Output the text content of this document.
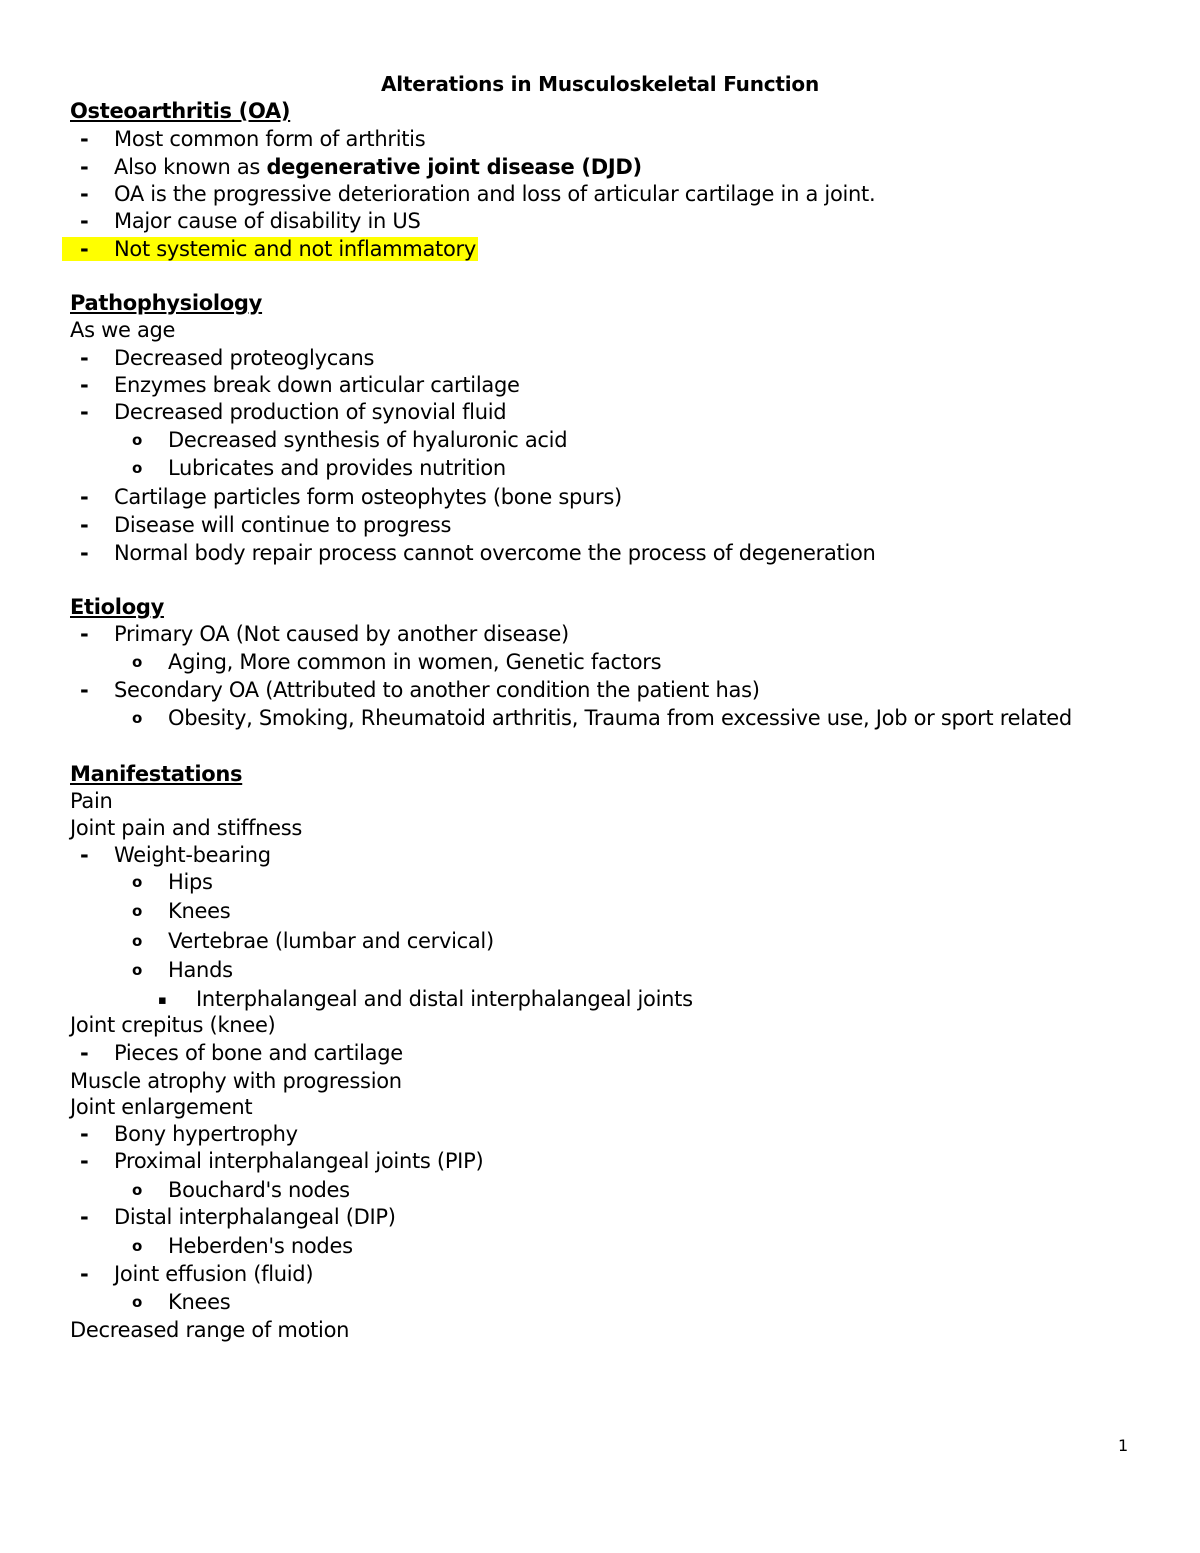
Alterations in Musculoskeletal Function
Osteoarthritis (OA)
- Most common form of arthritis
- Also known as degenerative joint disease (DJD)
- OA is the progressive deterioration and loss of articular cartilage in a joint.
- Major cause of disability in US
- Not systemic and not inflammatory
Pathophysiology
As we age
- Decreased proteoglycans
- Enzymes break down articular cartilage
- Decreased production of synovial fluid
o Decreased synthesis of hyaluronic acid
o Lubricates and provides nutrition
- Cartilage particles form osteophytes (bone spurs)
- Disease will continue to progress
- Normal body repair process cannot overcome the process of degeneration
Etiology
- Primary OA (Not caused by another disease)
o Aging, More common in women, Genetic factors
- Secondary OA (Attributed to another condition the patient has)
o Obesity, Smoking, Rheumatoid arthritis, Trauma from excessive use, Job or sport related
Manifestations
Pain
Joint pain and stiffness
- Weight-bearing
o Hips
o Knees
o Vertebrae (lumbar and cervical)
o Hands
▪ Interphalangeal and distal interphalangeal joints
Joint crepitus (knee)
- Pieces of bone and cartilage
Muscle atrophy with progression
Joint enlargement
- Bony hypertrophy
- Proximal interphalangeal joints (PIP)
o Bouchard's nodes
- Distal interphalangeal (DIP)
o Heberden's nodes
- Joint effusion (fluid)
o Knees
Decreased range of motion
1
